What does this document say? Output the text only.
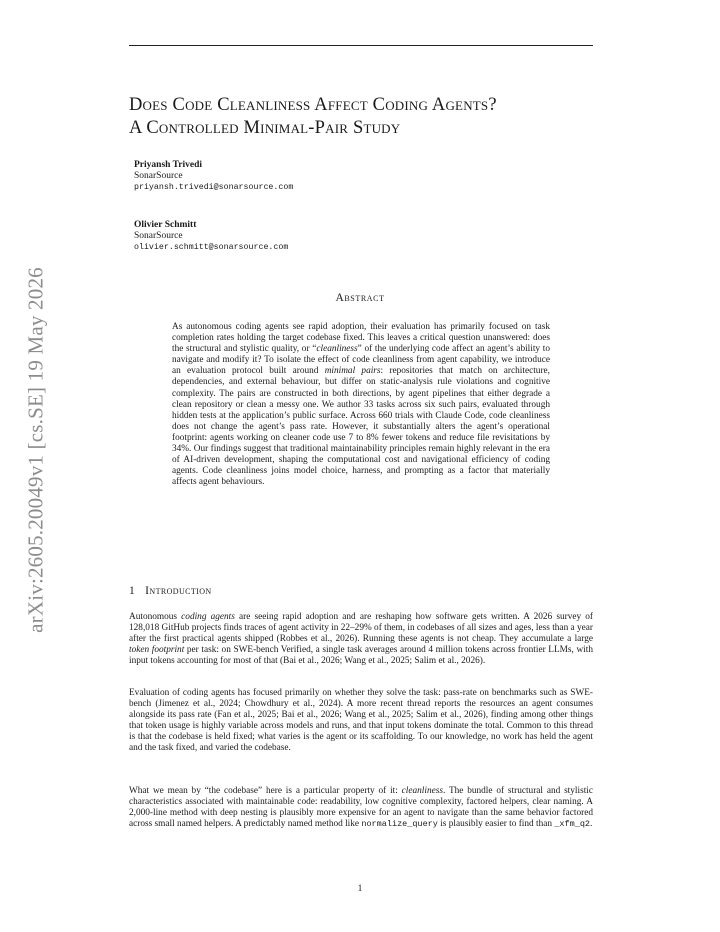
arXiv:2605.20049v1 [cs.SE] 19 May 2026
Does Code Cleanliness Affect Coding Agents?
A Controlled Minimal-Pair Study
Priyansh Trivedi
SonarSource
priyansh.trivedi@sonarsource.com
Olivier Schmitt
SonarSource
olivier.schmitt@sonarsource.com
Abstract
As autonomous coding agents see rapid adoption, their evaluation has primarily focused on task completion rates holding the target codebase fixed. This leaves a critical question unanswered: does the structural and stylistic quality, or “cleanliness” of the underlying code affect an agent’s ability to navigate and modify it? To isolate the effect of code cleanliness from agent capability, we introduce an evaluation protocol built around minimal pairs: repositories that match on architecture, dependencies, and external behaviour, but differ on static-analysis rule violations and cognitive complexity. The pairs are constructed in both directions, by agent pipelines that either degrade a clean repository or clean a messy one. We author 33 tasks across six such pairs, evaluated through hidden tests at the application’s public surface. Across 660 trials with Claude Code, code cleanliness does not change the agent’s pass rate. However, it substantially alters the agent’s operational footprint: agents working on cleaner code use 7 to 8% fewer tokens and reduce file revisitations by 34%. Our findings suggest that traditional maintainability principles remain highly relevant in the era of AI-driven development, shaping the computational cost and navigational efficiency of coding agents. Code cleanliness joins model choice, harness, and prompting as a factor that materially affects agent behaviours.
1 Introduction

Autonomous coding agents are seeing rapid adoption and are reshaping how software gets written. A 2026 survey of 128,018 GitHub projects finds traces of agent activity in 22–29% of them, in codebases of all sizes and ages, less than a year after the first practical agents shipped (Robbes et al., 2026). Running these agents is not cheap. They accumulate a large token footprint per task: on SWE-bench Verified, a single task averages around 4 million tokens across frontier LLMs, with input tokens accounting for most of that (Bai et al., 2026; Wang et al., 2025; Salim et al., 2026).

Evaluation of coding agents has focused primarily on whether they solve the task: pass-rate on benchmarks such as SWE-bench (Jimenez et al., 2024; Chowdhury et al., 2024). A more recent thread reports the resources an agent consumes alongside its pass rate (Fan et al., 2025; Bai et al., 2026; Wang et al., 2025; Salim et al., 2026), finding among other things that token usage is highly variable across models and runs, and that input tokens dominate the total. Common to this thread is that the codebase is held fixed; what varies is the agent or its scaffolding. To our knowledge, no work has held the agent and the task fixed, and varied the codebase.

What we mean by “the codebase” here is a particular property of it: cleanliness. The bundle of structural and stylistic characteristics associated with maintainable code: readability, low cognitive complexity, factored helpers, clear naming. A 2,000-line method with deep nesting is plausibly more expensive for an agent to navigate than the same behavior factored across small named helpers. A predictably named method like normalize_query is plausibly easier to find than _xfm_q2.

1
